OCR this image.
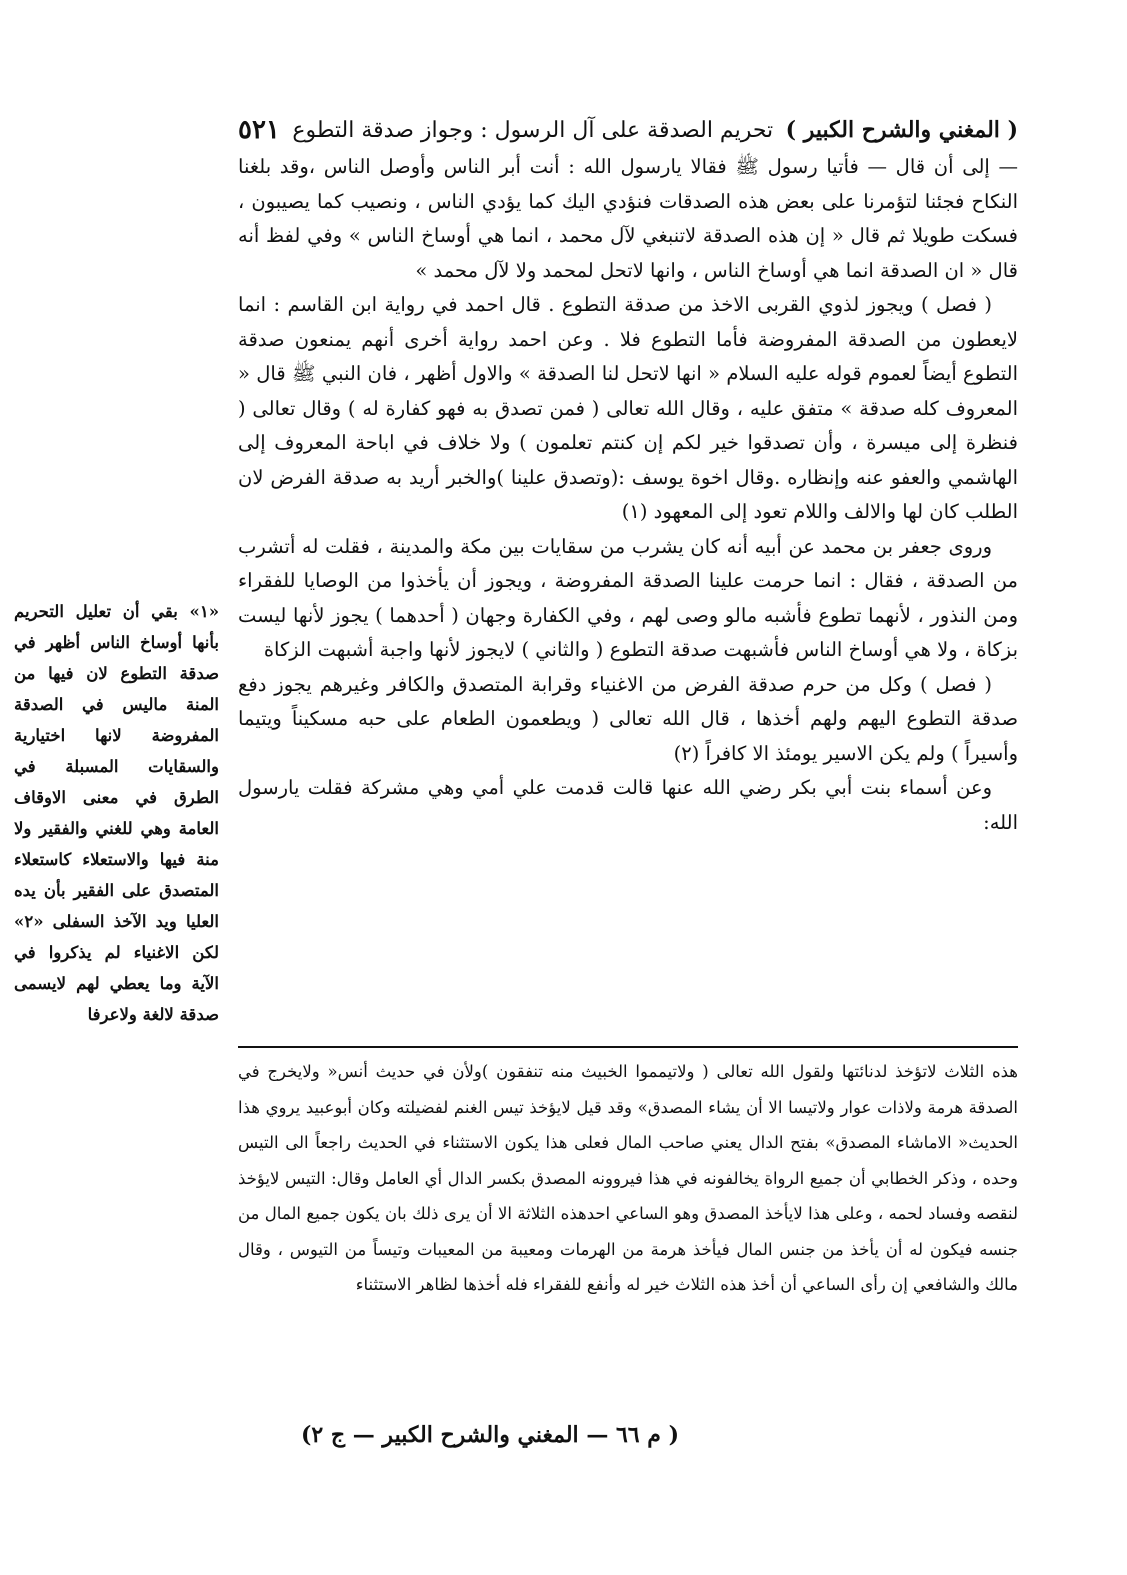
( المغني والشرح الكبير )
تحريم الصدقة على آل الرسول : وجواز صدقة التطوع
٥٢١

— إلى أن قال — فأتيا رسول ﷺ فقالا يارسول الله : أنت أبر الناس وأوصل الناس ،وقد بلغنا النكاح فجئنا لتؤمرنا على بعض هذه الصدقات فنؤدي اليك كما يؤدي الناس ، ونصيب كما يصيبون ، فسكت طويلا ثم قال « إن هذه الصدقة لاتنبغي لآل محمد ، انما هي أوساخ الناس » وفي لفظ أنه قال « ان الصدقة انما هي أوساخ الناس ، وانها لاتحل لمحمد ولا لآل محمد »

( فصل ) ويجوز لذوي القربى الاخذ من صدقة التطوع . قال احمد في رواية ابن القاسم : انما لايعطون من الصدقة المفروضة فأما التطوع فلا . وعن احمد رواية أخرى أنهم يمنعون صدقة التطوع أيضاً لعموم قوله عليه السلام « انها لاتحل لنا الصدقة » والاول أظهر ، فان النبي ﷺ قال « المعروف كله صدقة » متفق عليه ، وقال الله تعالى ( فمن تصدق به فهو كفارة له ) وقال تعالى ( فنظرة إلى ميسرة ، وأن تصدقوا خير لكم إن كنتم تعلمون ) ولا خلاف في اباحة المعروف إلى الهاشمي والعفو عنه وإنظاره .وقال اخوة يوسف :(وتصدق علينا )والخبر أريد به صدقة الفرض لان الطلب كان لها والالف واللام تعود إلى المعهود (١)

وروى جعفر بن محمد عن أبيه أنه كان يشرب من سقايات بين مكة والمدينة ، فقلت له أتشرب من الصدقة ، فقال : انما حرمت علينا الصدقة المفروضة ، ويجوز أن يأخذوا من الوصايا للفقراء ومن النذور ، لأنهما تطوع فأشبه مالو وصى لهم ، وفي الكفارة وجهان ( أحدهما ) يجوز لأنها ليست بزكاة ، ولا هي أوساخ الناس فأشبهت صدقة التطوع ( والثاني ) لايجوز لأنها واجبة أشبهت الزكاة

( فصل ) وكل من حرم صدقة الفرض من الاغنياء وقرابة المتصدق والكافر وغيرهم يجوز دفع صدقة التطوع اليهم ولهم أخذها ، قال الله تعالى ( ويطعمون الطعام على حبه مسكيناً ويتيما وأسيراً ) ولم يكن الاسير يومئذ الا كافراً (٢)

وعن أسماء بنت أبي بكر رضي الله عنها قالت قدمت علي أمي وهي مشركة فقلت يارسول الله:

هذه الثلاث لاتؤخذ لدنائتها ولقول الله تعالى ( ولاتيمموا الخبيث منه تنفقون )ولأن في حديث أنس« ولايخرج في الصدقة هرمة ولاذات عوار ولاتيسا الا أن يشاء المصدق» وقد قيل لايؤخذ تيس الغنم لفضيلته وكان أبوعبيد يروي هذا الحديث« الاماشاء المصدق» بفتح الدال يعني صاحب المال فعلى هذا يكون الاستثناء في الحديث راجعاً الى التيس وحده ، وذكر الخطابي أن جميع الرواة يخالفونه في هذا فيروونه المصدق بكسر الدال أي العامل وقال: التيس لايؤخذ لنقصه وفساد لحمه ، وعلى هذا لايأخذ المصدق وهو الساعي احدهذه الثلاثة الا أن يرى ذلك بان يكون جميع المال من جنسه فيكون له أن يأخذ من جنس المال فيأخذ هرمة من الهرمات ومعيبة من المعيبات وتيساً من التيوس ، وقال مالك والشافعي إن رأى الساعي أن أخذ هذه الثلاث خير له وأنفع للفقراء فله أخذها لظاهر الاستثناء

«١» بقي أن تعليل التحريم بأنها أوساخ الناس أظهر في صدقة التطوع لان فيها من المنة ماليس في الصدقة المفروضة لانها اختيارية والسقايات المسبلة في الطرق في معنى الاوقاف العامة وهي للغني والفقير ولا منة فيها والاستعلاء كاستعلاء المتصدق على الفقير بأن يده العليا ويد الآخذ السفلى «٢» لكن الاغنياء لم يذكروا في الآية وما يعطي لهم لايسمى صدقة لالغة ولاعرفا

( م ٦٦ — المغني والشرح الكبير — ج ٢)
